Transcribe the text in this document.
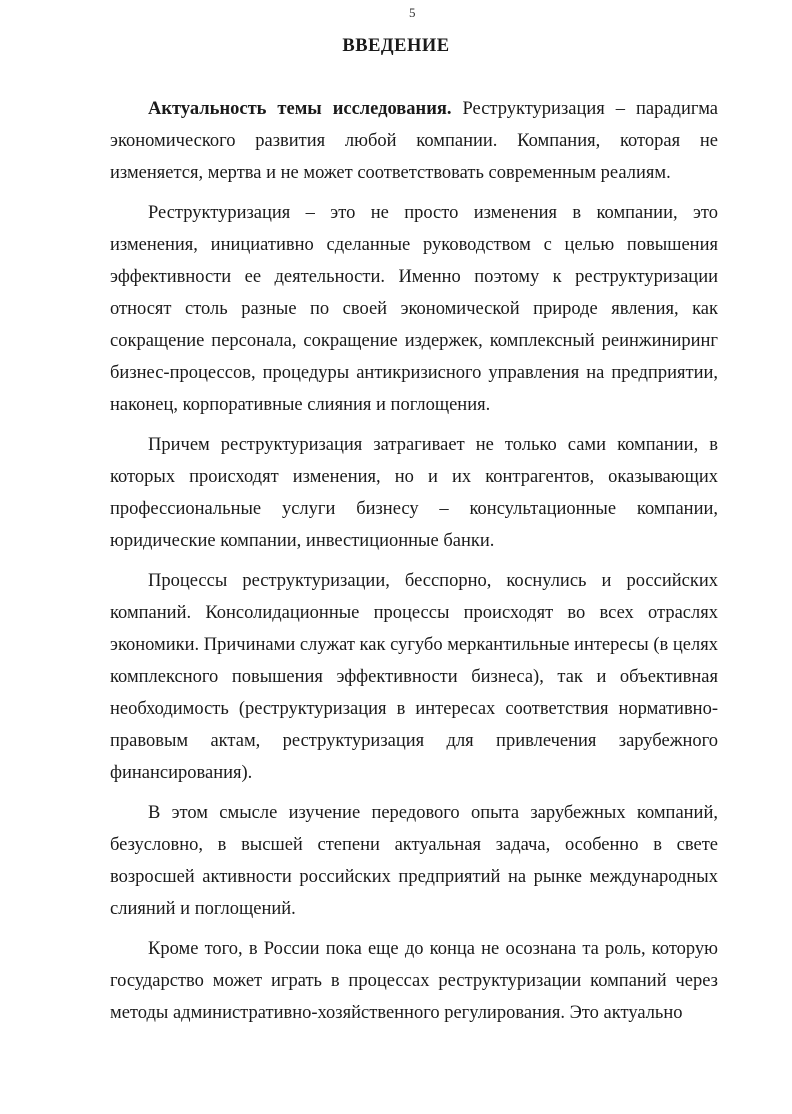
5
ВВЕДЕНИЕ

Актуальность темы исследования. Реструктуризация – парадигма экономического развития любой компании. Компания, которая не изменяется, мертва и не может соответствовать современным реалиям.

Реструктуризация – это не просто изменения в компании, это изменения, инициативно сделанные руководством с целью повышения эффективности ее деятельности. Именно поэтому к реструктуризации относят столь разные по своей экономической природе явления, как сокращение персонала, сокращение издержек, комплексный реинжиниринг бизнес-процессов, процедуры антикризисного управления на предприятии, наконец, корпоративные слияния и поглощения.

Причем реструктуризация затрагивает не только сами компании, в которых происходят изменения, но и их контрагентов, оказывающих профессиональные услуги бизнесу – консультационные компании, юридические компании, инвестиционные банки.

Процессы реструктуризации, бесспорно, коснулись и российских компаний. Консолидационные процессы происходят во всех отраслях экономики. Причинами служат как сугубо меркантильные интересы (в целях комплексного повышения эффективности бизнеса), так и объективная необходимость (реструктуризация в интересах соответствия нормативно-правовым актам, реструктуризация для привлечения зарубежного финансирования).

В этом смысле изучение передового опыта зарубежных компаний, безусловно, в высшей степени актуальная задача, особенно в свете возросшей активности российских предприятий на рынке международных слияний и поглощений.

Кроме того, в России пока еще до конца не осознана та роль, которую государство может играть в процессах реструктуризации компаний через методы административно-хозяйственного регулирования. Это актуально
